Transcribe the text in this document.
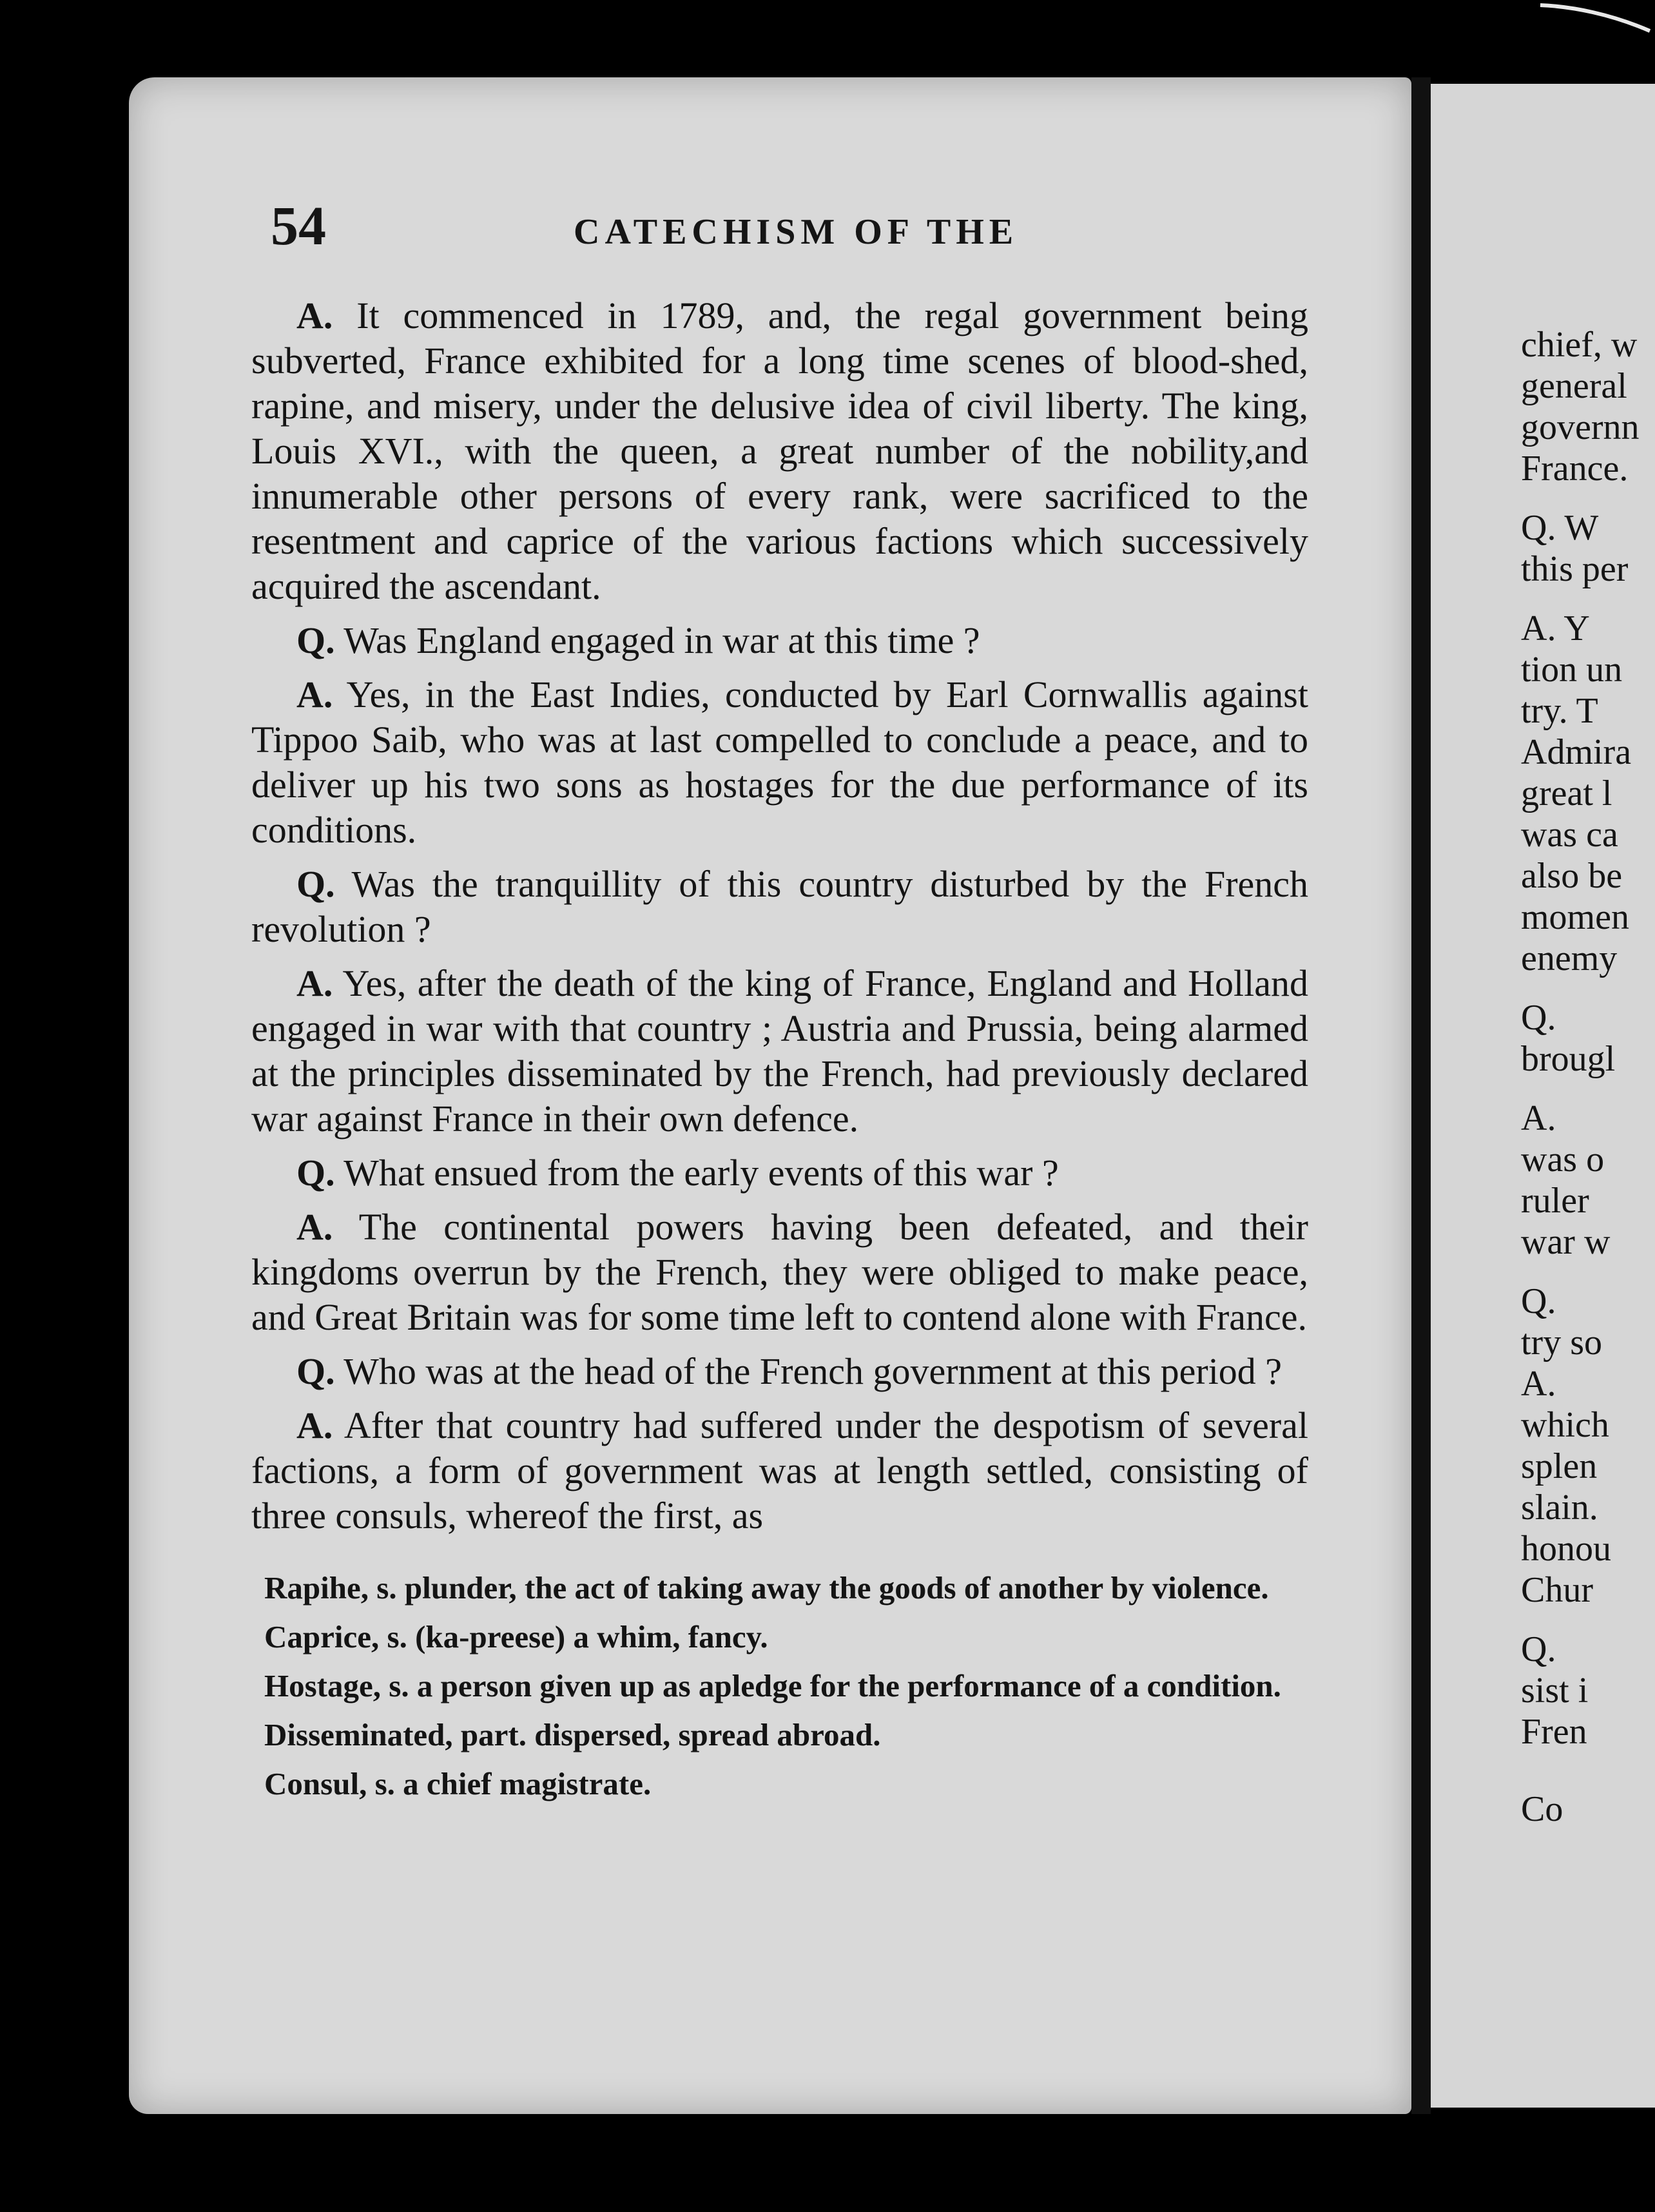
54	CATECHISM OF THE

A. It commenced in 1789, and, the regal government being subverted, France exhibited for a long time scenes of blood-shed, rapine, and misery, under the delusive idea of civil liberty. The king, Louis XVI., with the queen, a great number of the nobility,and innumerable other persons of every rank, were sacrificed to the resentment and caprice of the various factions which successively acquired the ascendant.

Q. Was England engaged in war at this time ?

A. Yes, in the East Indies, conducted by Earl Cornwallis against Tippoo Saib, who was at last compelled to conclude a peace, and to deliver up his two sons as hostages for the due performance of its conditions.

Q. Was the tranquillity of this country disturbed by the French revolution ?

A. Yes, after the death of the king of France, England and Holland engaged in war with that country ; Austria and Prussia, being alarmed at the principles disseminated by the French, had previously declared war against France in their own defence.

Q. What ensued from the early events of this war ?

A. The continental powers having been defeated, and their kingdoms overrun by the French, they were obliged to make peace, and Great Britain was for some time left to contend alone with France.

Q. Who was at the head of the French government at this period ?

A. After that country had suffered under the despotism of several factions, a form of government was at length settled, consisting of three consuls, whereof the first, as

Rapihe, s. plunder, the act of taking away the goods of another by violence.

Caprice, s. (ka-preese) a whim, fancy.

Hostage, s. a person given up as apledge for the performance of a condition.

Disseminated, part. dispersed, spread abroad.

Consul, s. a chief magistrate.

chief, w
general
governn
France.
Q. W
this per
A. Y
tion un
try. T
Admira
great l
was ca
also be
momen
enemy
Q.
brougl
A.
was o
ruler
war w
Q.
try so
A.
which
splen
slain.
honou
Chur
Q.
sist i
Fren
Co
